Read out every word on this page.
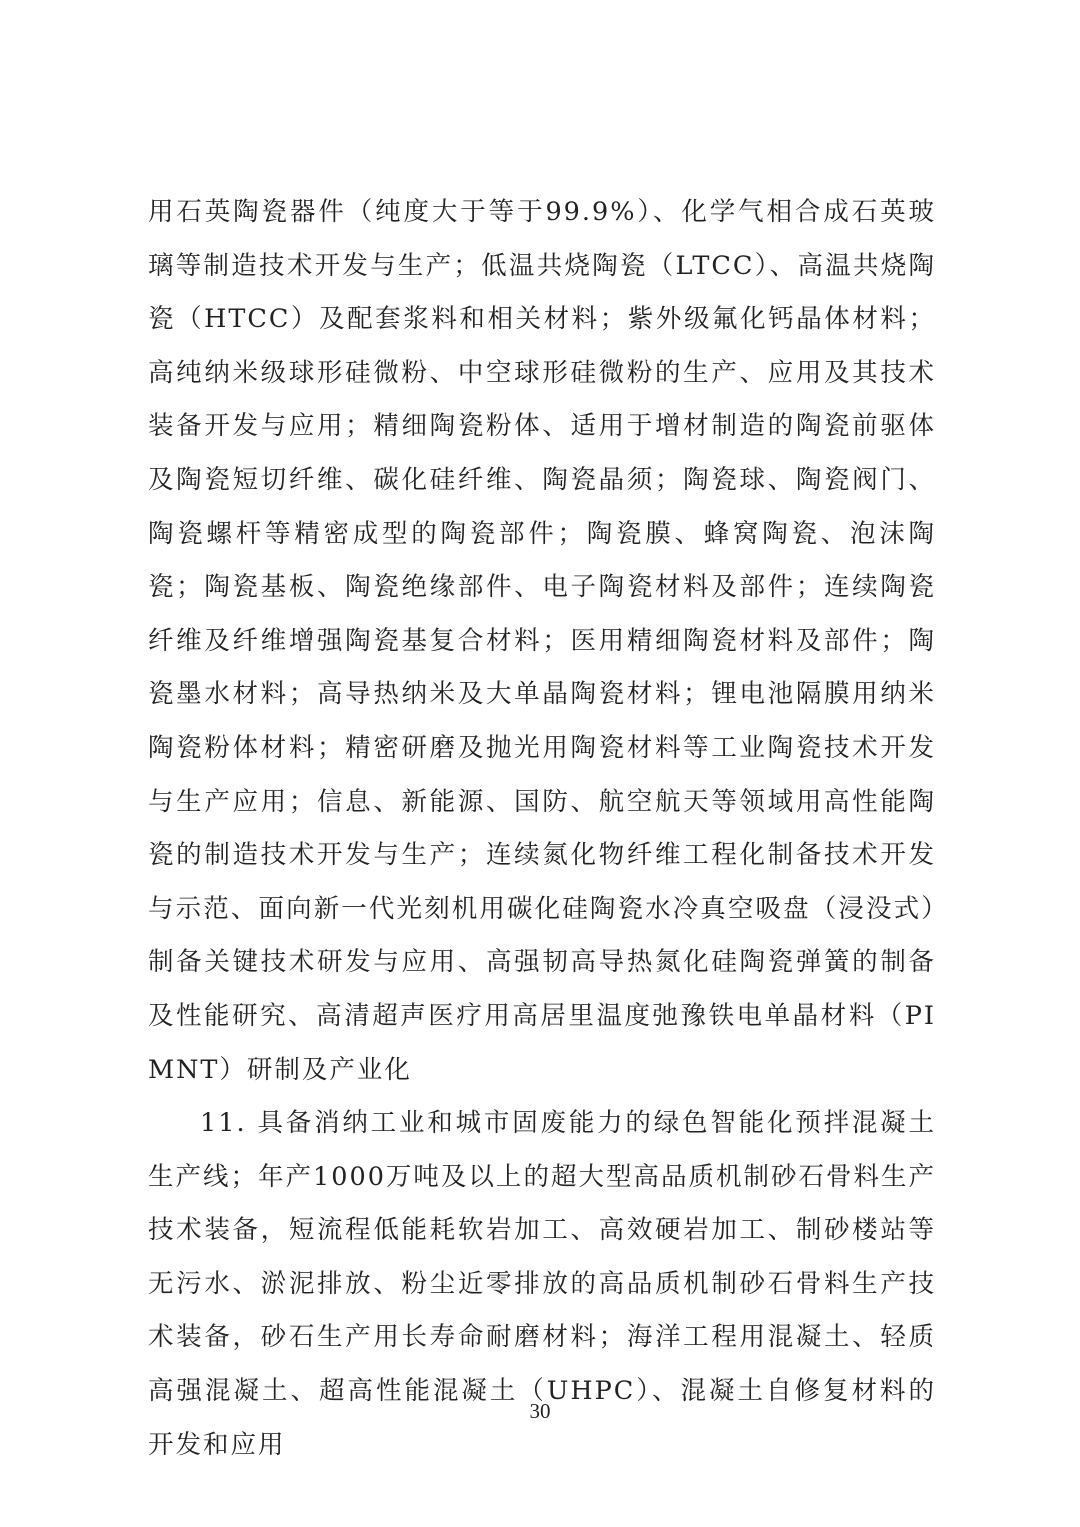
用石英陶瓷器件（纯度大于等于99.9%）、化学气相合成石英玻璃等制造技术开发与生产；低温共烧陶瓷（LTCC）、高温共烧陶瓷（HTCC）及配套浆料和相关材料；紫外级氟化钙晶体材料；高纯纳米级球形硅微粉、中空球形硅微粉的生产、应用及其技术装备开发与应用；精细陶瓷粉体、适用于增材制造的陶瓷前驱体及陶瓷短切纤维、碳化硅纤维、陶瓷晶须；陶瓷球、陶瓷阀门、陶瓷螺杆等精密成型的陶瓷部件；陶瓷膜、蜂窝陶瓷、泡沫陶瓷；陶瓷基板、陶瓷绝缘部件、电子陶瓷材料及部件；连续陶瓷纤维及纤维增强陶瓷基复合材料；医用精细陶瓷材料及部件；陶瓷墨水材料；高导热纳米及大单晶陶瓷材料；锂电池隔膜用纳米陶瓷粉体材料；精密研磨及抛光用陶瓷材料等工业陶瓷技术开发与生产应用；信息、新能源、国防、航空航天等领域用高性能陶瓷的制造技术开发与生产；连续氮化物纤维工程化制备技术开发与示范、面向新一代光刻机用碳化硅陶瓷水冷真空吸盘（浸没式）制备关键技术研发与应用、高强韧高导热氮化硅陶瓷弹簧的制备及性能研究、高清超声医疗用高居里温度弛豫铁电单晶材料（PIMNT）研制及产业化

11. 具备消纳工业和城市固废能力的绿色智能化预拌混凝土生产线；年产1000万吨及以上的超大型高品质机制砂石骨料生产技术装备，短流程低能耗软岩加工、高效硬岩加工、制砂楼站等无污水、淤泥排放、粉尘近零排放的高品质机制砂石骨料生产技术装备，砂石生产用长寿命耐磨材料；海洋工程用混凝土、轻质高强混凝土、超高性能混凝土（UHPC）、混凝土自修复材料的开发和应用

30
